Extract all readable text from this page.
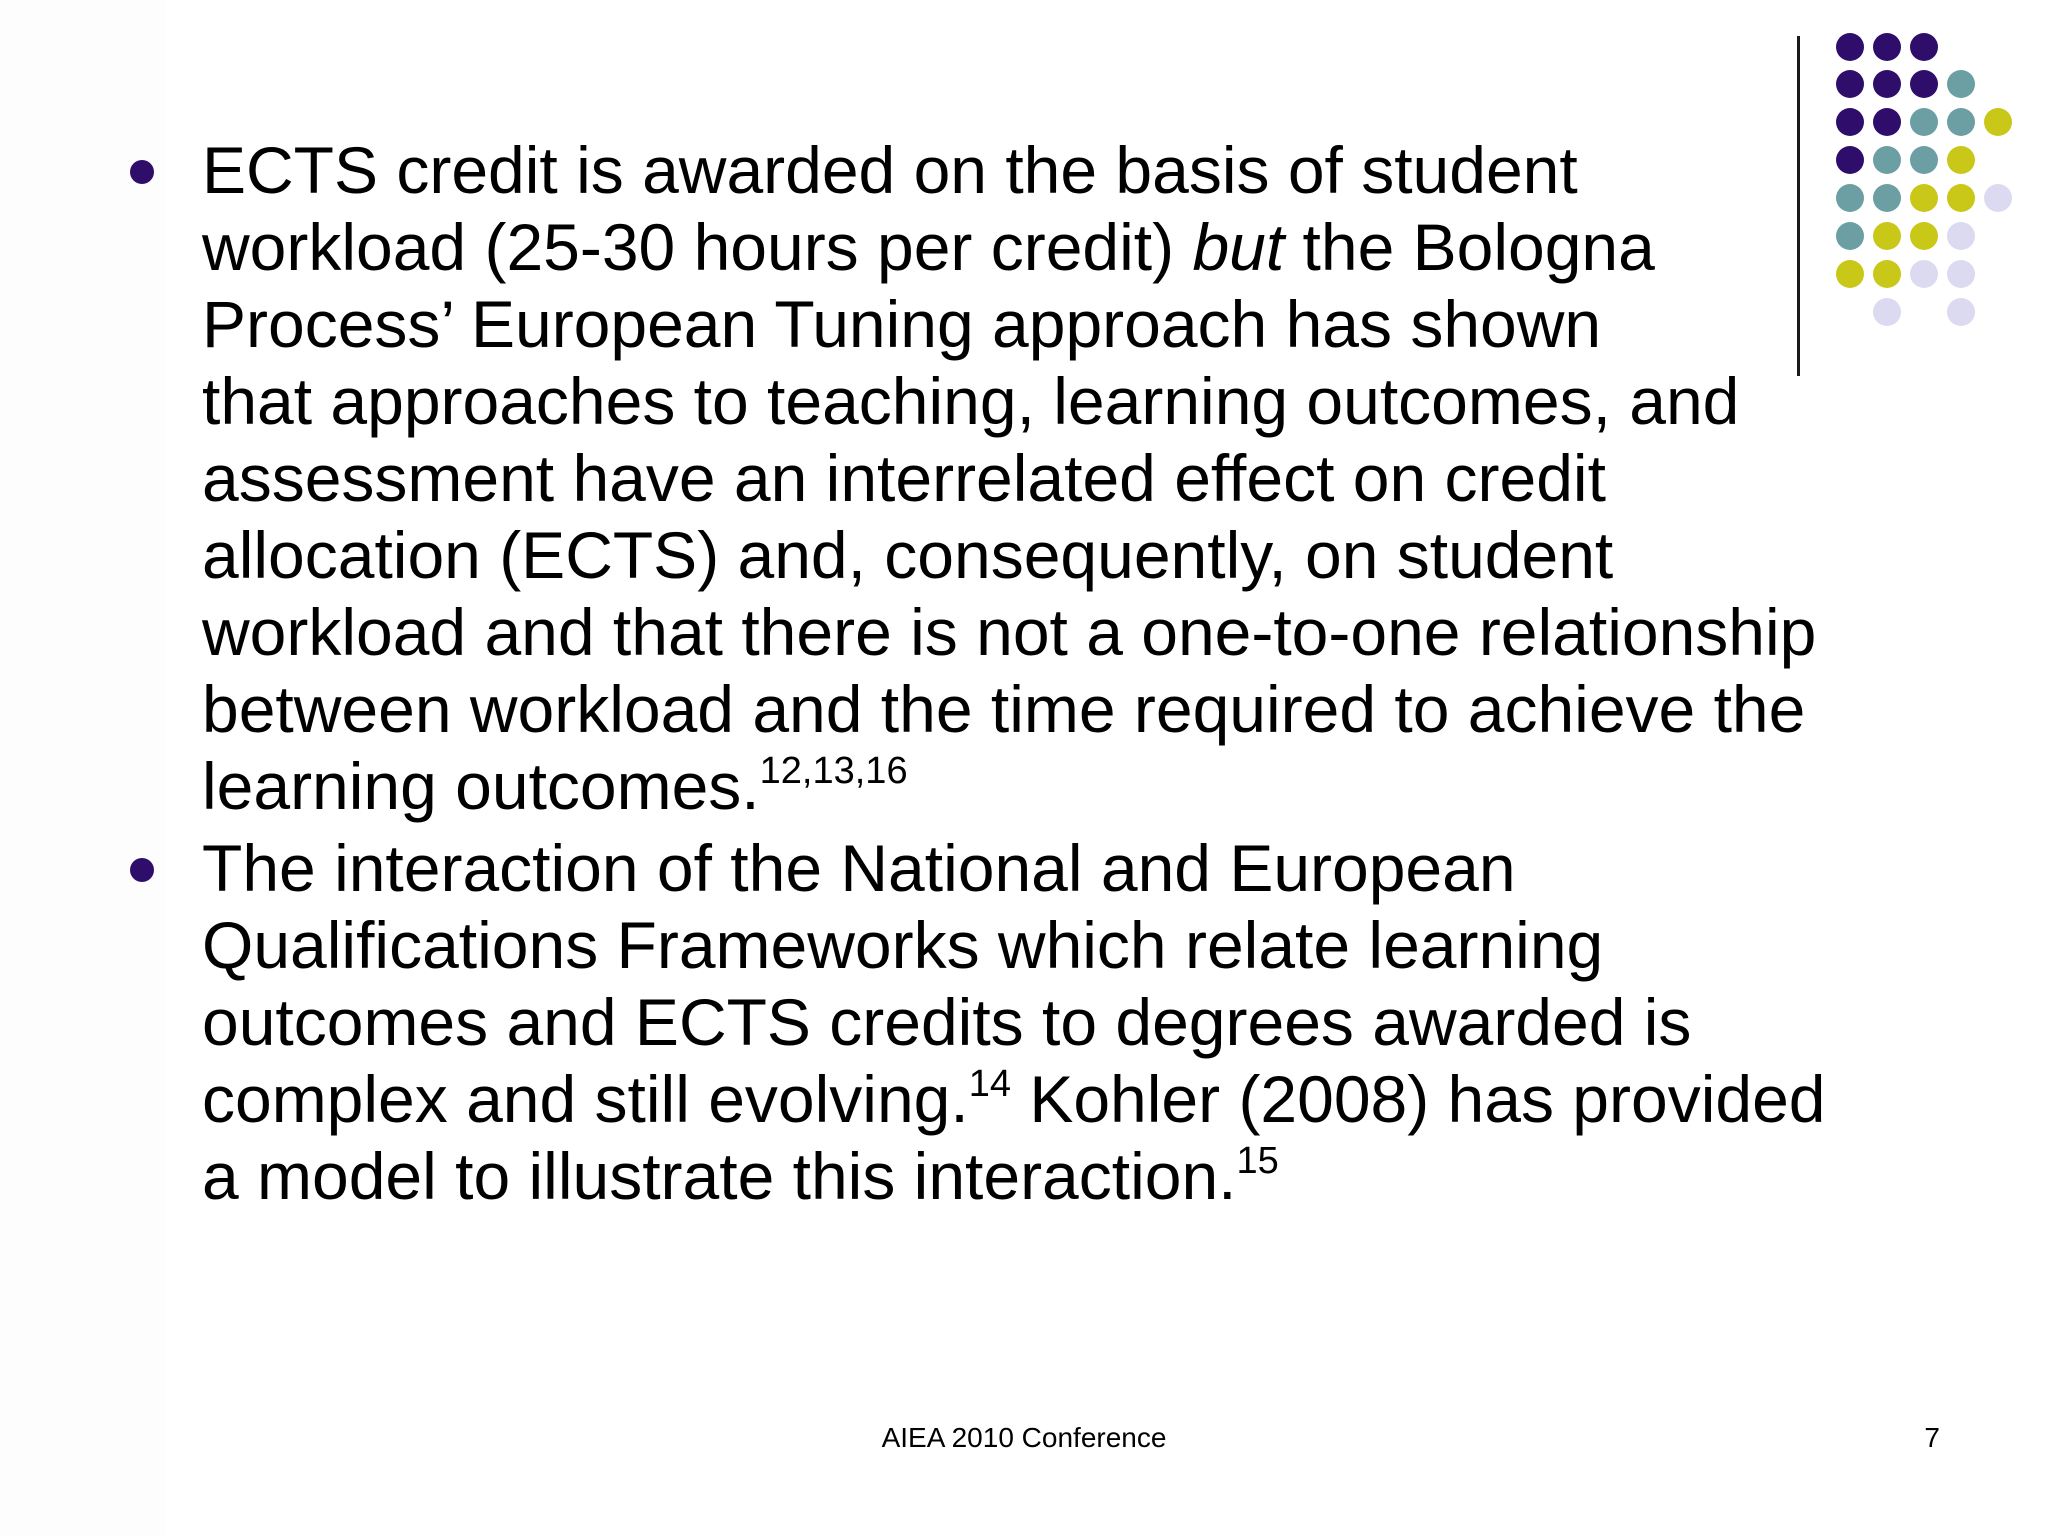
ECTS credit is awarded on the basis of student
workload (25-30 hours per credit) but the Bologna
Process’ European Tuning approach has shown
that approaches to teaching, learning outcomes, and
assessment have an interrelated effect on credit
allocation (ECTS) and, consequently, on student
workload and that there is not a one-to-one relationship
between workload and the time required to achieve the
learning outcomes.$^{12,13,16}$
The interaction of the National and European
Qualifications Frameworks which relate learning
outcomes and ECTS credits to degrees awarded is
complex and still evolving.$^{14}$ Kohler (2008) has provided
a model to illustrate this interaction.$^{15}$
AIEA 2010 Conference	7
